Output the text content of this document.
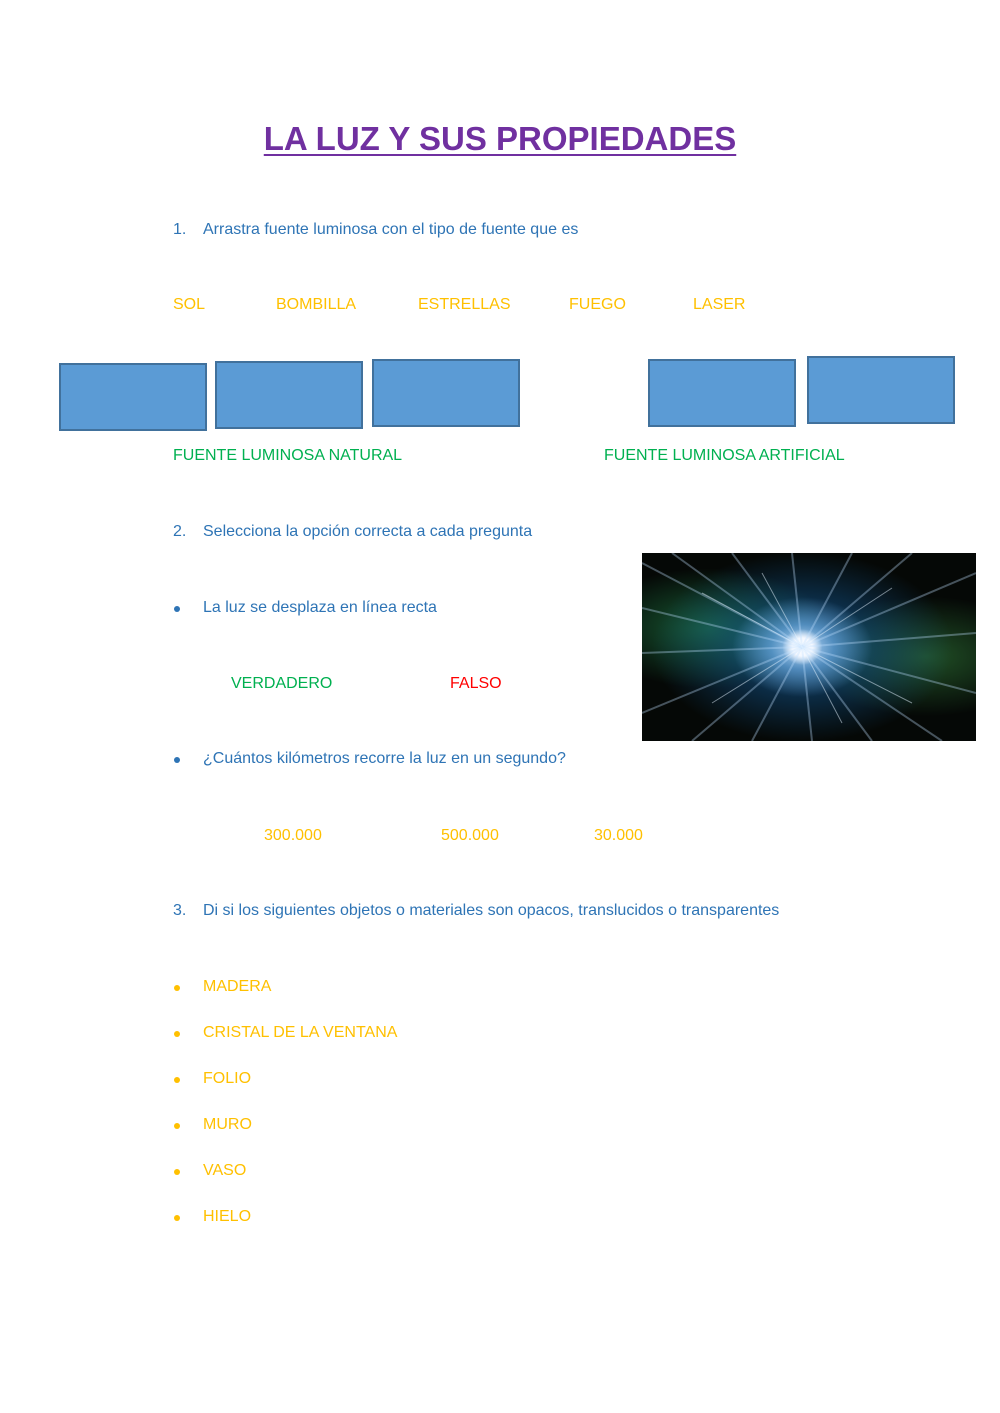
LA LUZ Y SUS PROPIEDADES
1. Arrastra fuente luminosa con el tipo de fuente que es
SOL	BOMBILLA	ESTRELLAS	FUEGO	LASER
FUENTE LUMINOSA NATURAL	FUENTE LUMINOSA ARTIFICIAL
2. Selecciona la opción correcta a cada pregunta
La luz se desplaza en línea recta
VERDADERO	FALSO
¿Cuántos kilómetros recorre la luz en un segundo?
300.000	500.000	30.000
3. Di si los siguientes objetos o materiales son opacos, translucidos o transparentes
MADERA
CRISTAL DE LA VENTANA
FOLIO
MURO
VASO
HIELO
